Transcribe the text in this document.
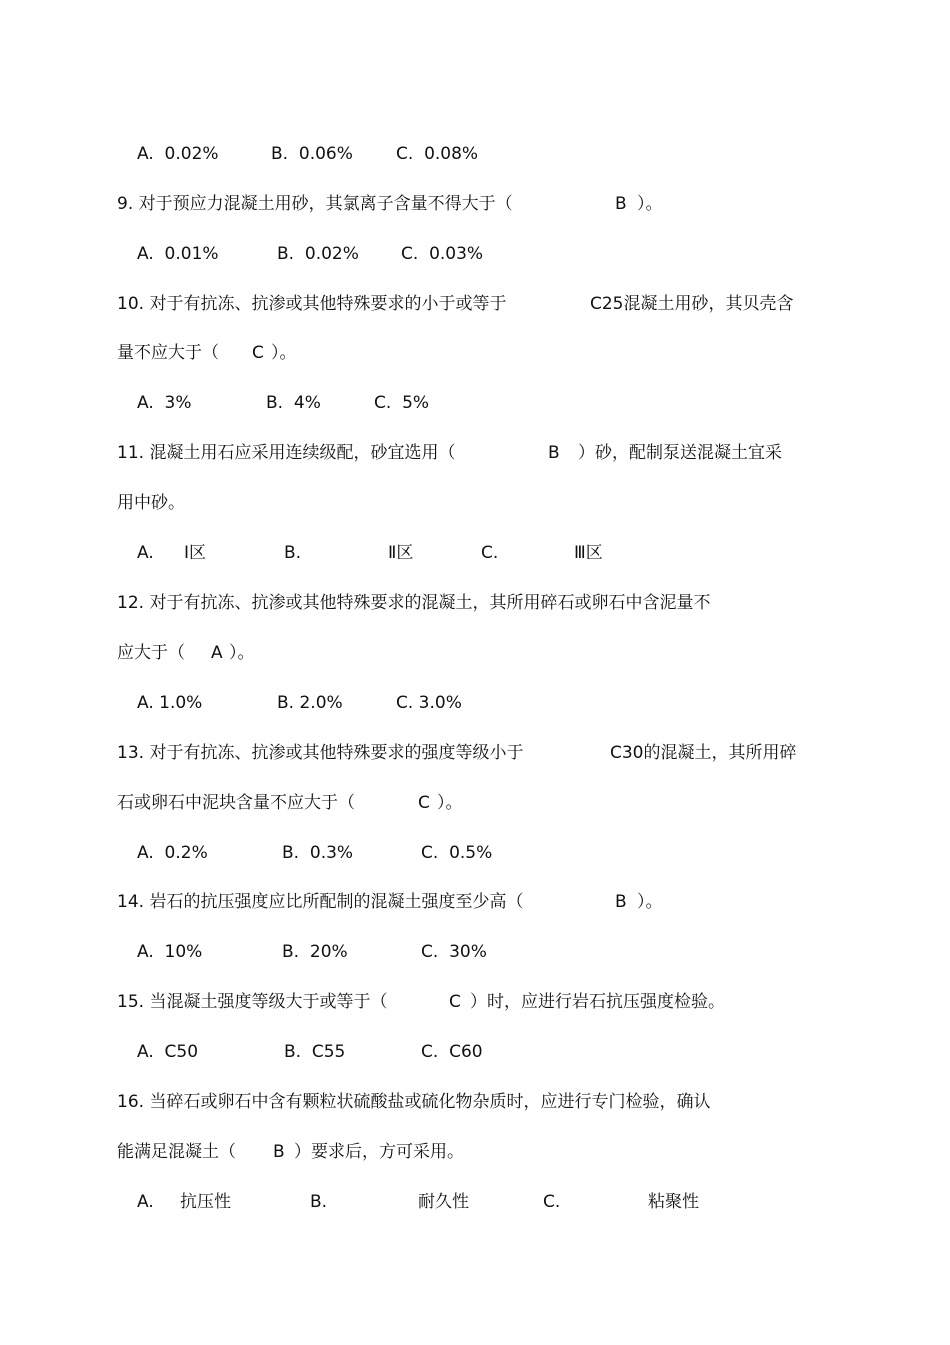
A.  0.02%	B.  0.06%	C.  0.08%
9. 对于预应力混凝土用砂，其氯离子含量不得大于（	B ）。
A.  0.01%	B.  0.02% C.  0.03%
10. 对于有抗冻、抗渗或其他特殊要求的小于或等于	C25混凝土用砂，其贝壳含
量不应大于（ C ）。
A.  3%	B.  4%	C.  5%
11. 混凝土用石应采用连续级配，砂宜选用（	B ）砂，配制泵送混凝土宜采
用中砂。
A. Ⅰ区	B.	Ⅱ区	C.	Ⅲ区
12. 对于有抗冻、抗渗或其他特殊要求的混凝土，其所用碎石或卵石中含泥量不
应大于（ A ）。
A. 1.0%	B. 2.0%	C. 3.0%
13. 对于有抗冻、抗渗或其他特殊要求的强度等级小于	C30的混凝土，其所用碎
石或卵石中泥块含量不应大于（	C ）。
A.  0.2%	B.  0.3%	C.  0.5%
14. 岩石的抗压强度应比所配制的混凝土强度至少高（	B ）。
A.  10%	B.  20%	C.  30%
15. 当混凝土强度等级大于或等于（	C ）时，应进行岩石抗压强度检验。
A.  C50	B.  C55	C.  C60
16. 当碎石或卵石中含有颗粒状硫酸盐或硫化物杂质时，应进行专门检验，确认
能满足混凝土（ B ）要求后，方可采用。
A. 抗压性	B.	耐久性	C.	粘聚性
